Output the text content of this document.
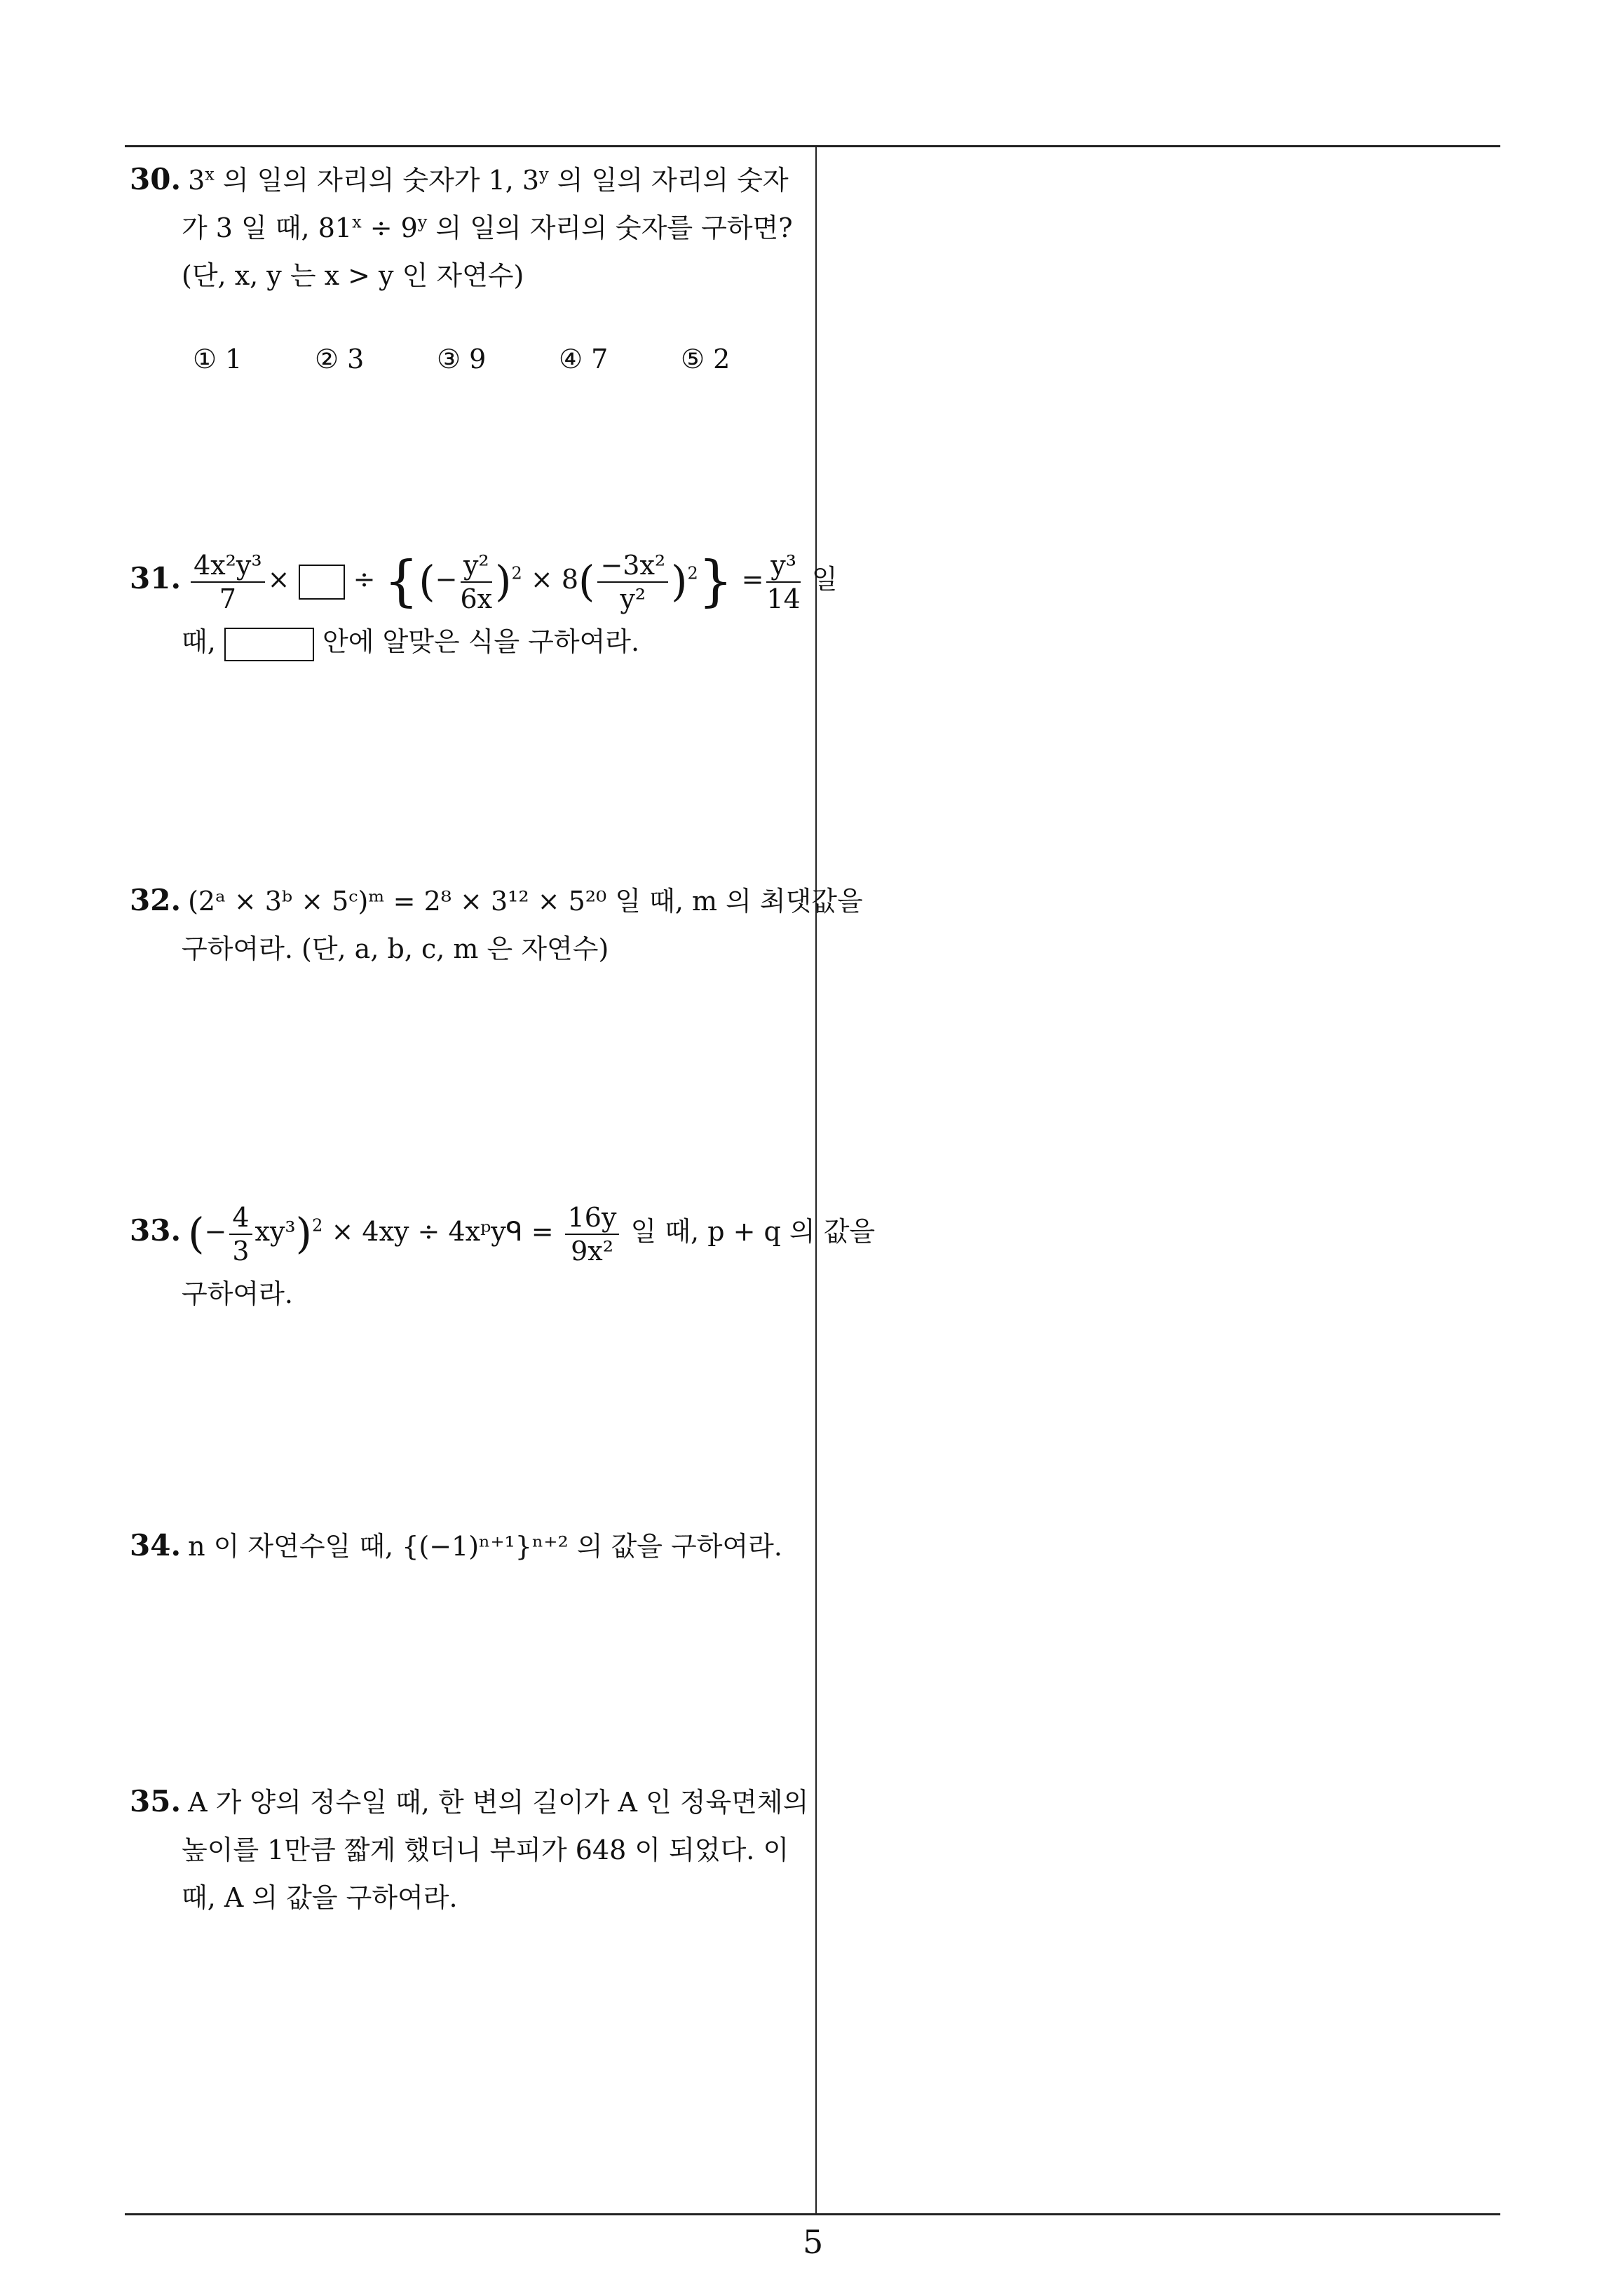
30. 3$^x$ 의 일의 자리의 숫자가 1, 3$^y$ 의 일의 자리의 숫자
가 3 일 때, $81^x \div 9^y$ 의 일의 자리의 숫자를 구하면?
(단, x, y 는 x > y 인 자연수)
① 1	② 3	③ 9	④ 7	⑤ 2
31. $\frac{\text{4x²y³}}{7}$ × ÷ {(− $\frac{\text{y²}}{6x} )^2 \times 8( \frac{\text{−3x²}}{\text{y²}} )^2\} = \frac{\text{y³}}{14}$ 일
때,	안에 알맞은 식을 구하여라.
32. (2ᵃ × 3ᵇ × 5ᶜ)ᵐ = 2⁸ × 3¹² × 5²⁰ 일 때, m 의 최댓값을
구하여라. (단, a, b, c, m 은 자연수)
33. (− $\frac{4}{3} xy^3)^2 \times 4xy$ ÷ 4xᵖyᑫ = $\frac{16y}{\text{9x²}}$ 일 때, p + q 의 값을
구하여라.
34. n 이 자연수일 때, {(−1)ⁿ⁺¹}ⁿ⁺² 의 값을 구하여라.
35. A 가 양의 정수일 때, 한 변의 길이가 A 인 정육면체의
높이를 1만큼 짧게 했더니 부피가 648 이 되었다. 이
때, A 의 값을 구하여라.
5
